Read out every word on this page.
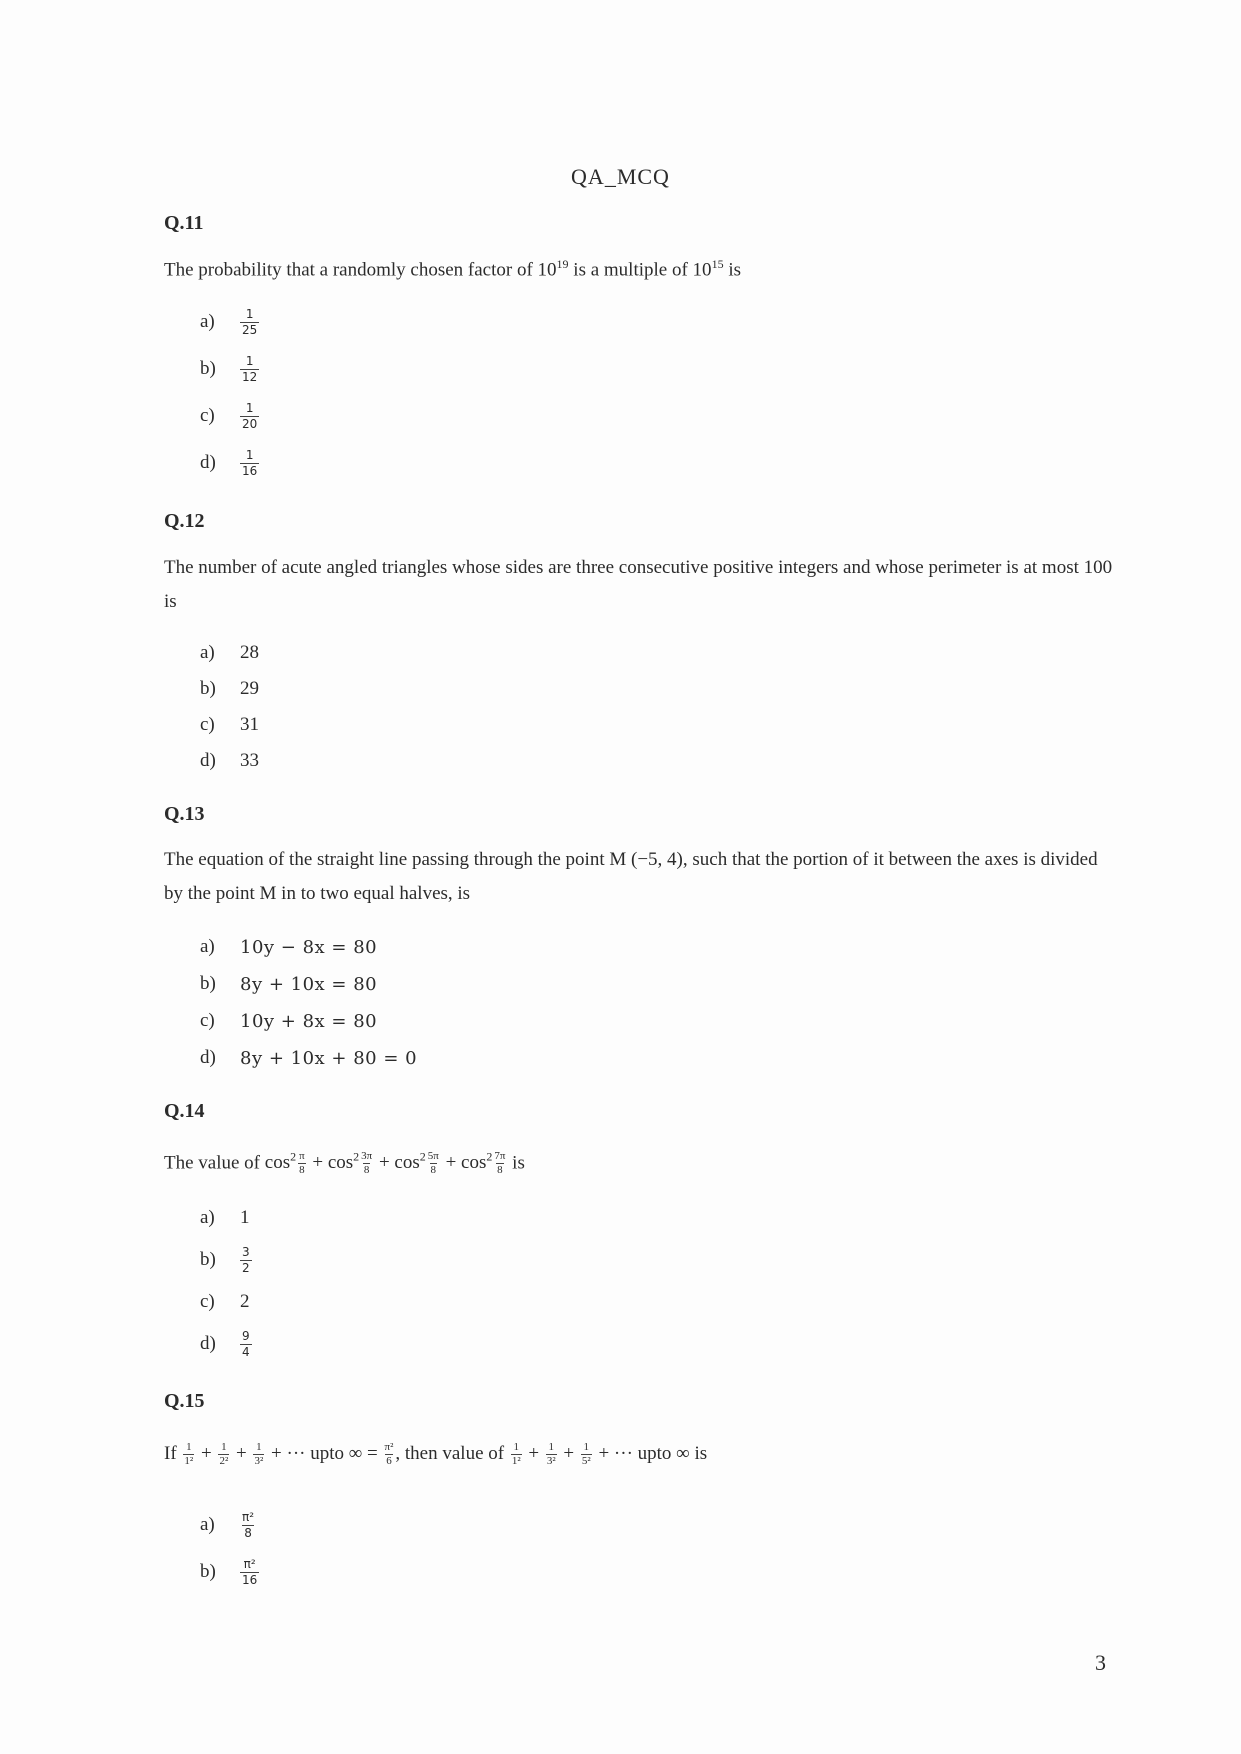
QA_MCQ
Q.11
The probability that a randomly chosen factor of $10^{19}$ is a multiple of $10^{15}$ is
a)	$\frac{1}{25}$
b)	$\frac{1}{12}$
c)	$\frac{1}{20}$
d)	$\frac{1}{16}$
Q.12
The number of acute angled triangles whose sides are three consecutive positive integers and whose perimeter is at most 100 is
a)	28
b)	29
c)	31
d)	33
Q.13
The equation of the straight line passing through the point M (−5, 4), such that the portion of it between the axes is divided by the point M in to two equal halves, is
a)	10y − 8x = 80
b)	8y + 10x = 80
c)	10y + 8x = 80
d)	8y + 10x + 80 = 0
Q.14
The value of $\cos^2 \frac{\pi}{8} + \cos^2 \frac{3\pi}{8} + \cos^2 \frac{5\pi}{8} + \cos^2 \frac{7\pi}{8}$ is
a)	1
b)	$\frac{3}{2}$
c)	2
d)	$\frac{9}{4}$
Q.15
If $\frac{1}{\text{1²}} + \frac{1}{\text{2²}} + \frac{1}{\text{3²}}$ + ··· upto ∞ = $\frac{\text{π²}}{6}$ , then value of $\frac{1}{\text{1²}} + \frac{1}{\text{3²}} + \frac{1}{\text{5²}}$ + ··· upto ∞ is
a)	$\frac{\text{π²}}{8}$
b)	$\frac{\text{π²}}{16}$
3
